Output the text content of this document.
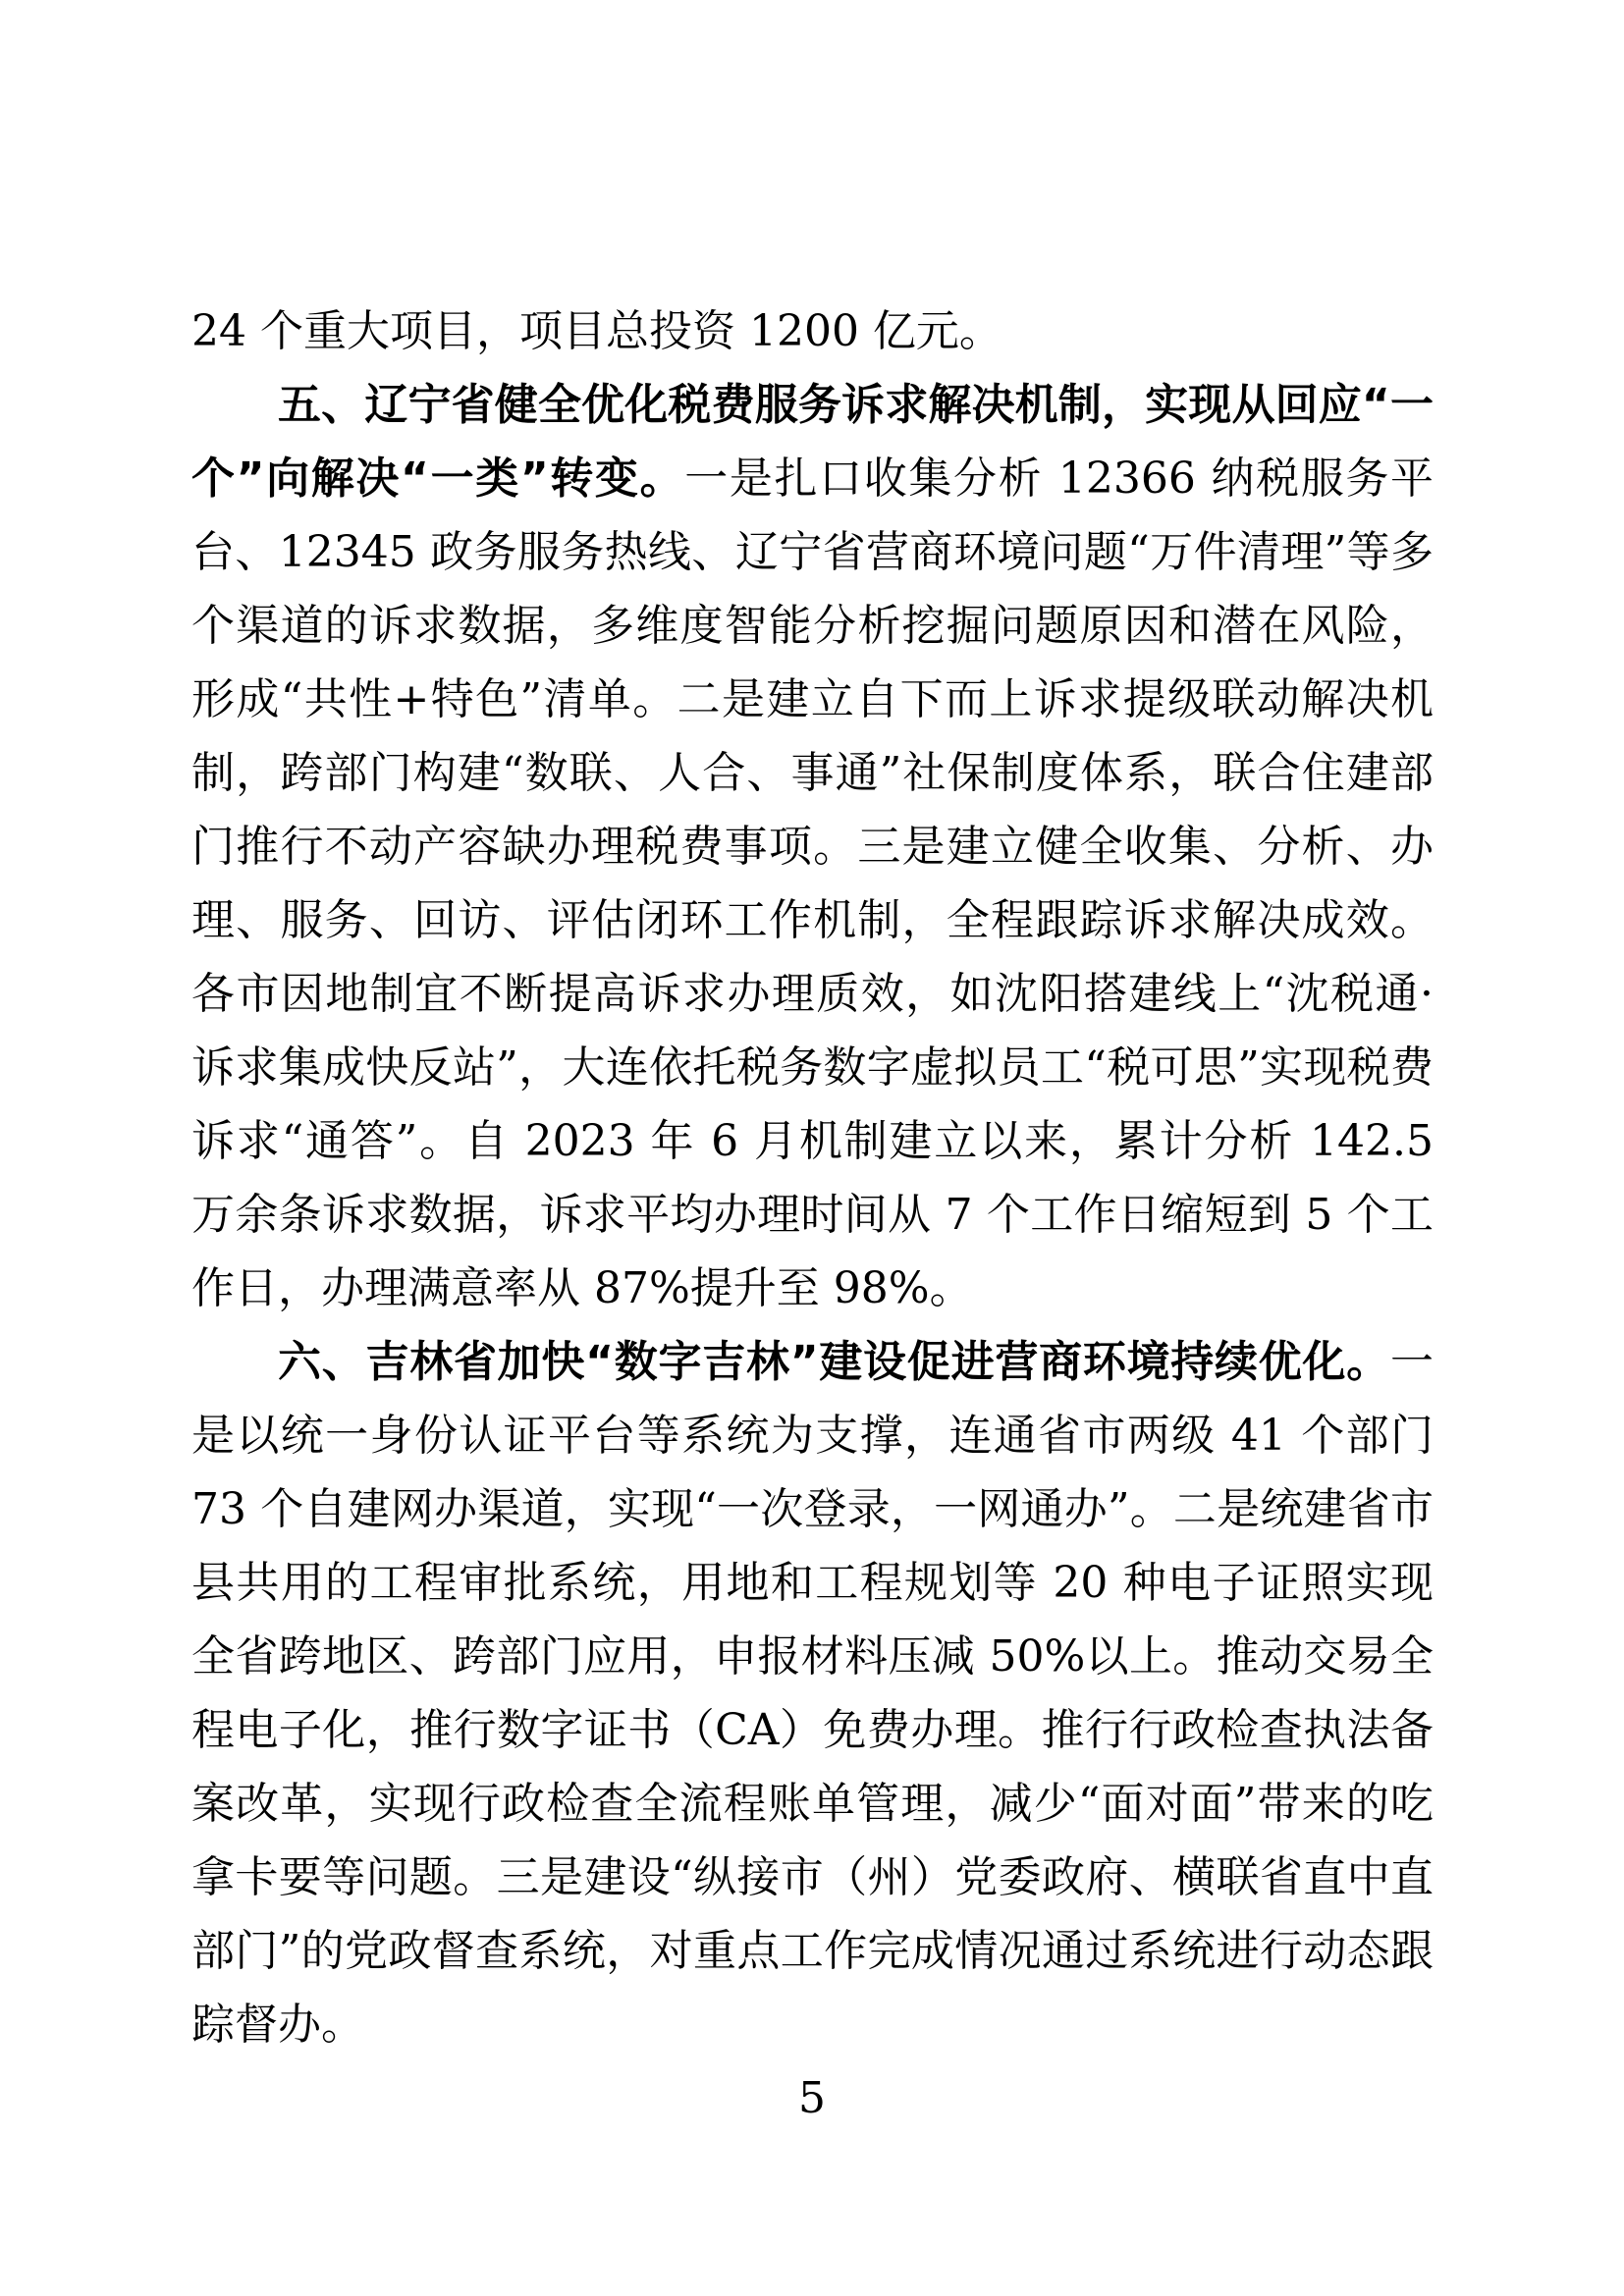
24 个重大项目，项目总投资 1200 亿元。

五、辽宁省健全优化税费服务诉求解决机制，实现从回应“一个”向解决“一类”转变。一是扎口收集分析 12366 纳税服务平台、12345 政务服务热线、辽宁省营商环境问题“万件清理”等多个渠道的诉求数据，多维度智能分析挖掘问题原因和潜在风险，形成“共性+特色”清单。二是建立自下而上诉求提级联动解决机制，跨部门构建“数联、人合、事通”社保制度体系，联合住建部门推行不动产容缺办理税费事项。三是建立健全收集、分析、办理、服务、回访、评估闭环工作机制，全程跟踪诉求解决成效。各市因地制宜不断提高诉求办理质效，如沈阳搭建线上“沈税通·诉求集成快反站”，大连依托税务数字虚拟员工“税可思”实现税费诉求“通答”。自 2023 年 6 月机制建立以来，累计分析 142.5 万余条诉求数据，诉求平均办理时间从 7 个工作日缩短到 5 个工作日，办理满意率从 87%提升至 98%。

六、吉林省加快“数字吉林”建设促进营商环境持续优化。一是以统一身份认证平台等系统为支撑，连通省市两级 41 个部门 73 个自建网办渠道，实现“一次登录，一网通办”。二是统建省市县共用的工程审批系统，用地和工程规划等 20 种电子证照实现全省跨地区、跨部门应用，申报材料压减 50%以上。推动交易全程电子化，推行数字证书（CA）免费办理。推行行政检查执法备案改革，实现行政检查全流程账单管理，减少“面对面”带来的吃拿卡要等问题。三是建设“纵接市（州）党委政府、横联省直中直部门”的党政督查系统，对重点工作完成情况通过系统进行动态跟踪督办。

5
